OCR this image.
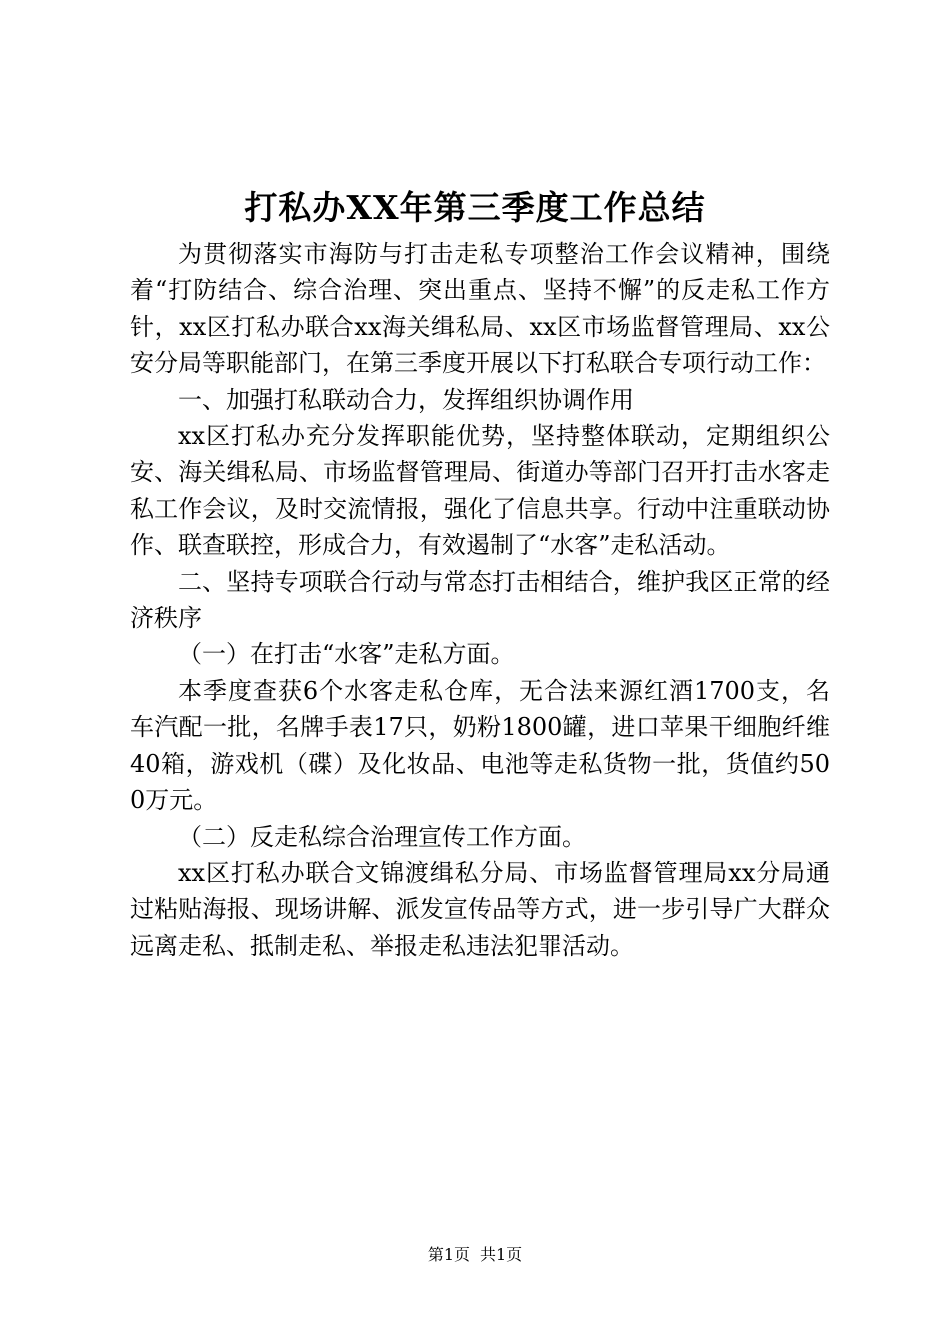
打私办XX年第三季度工作总结

为贯彻落实市海防与打击走私专项整治工作会议精神，围绕着“打防结合、综合治理、突出重点、坚持不懈”的反走私工作方针，xx区打私办联合xx海关缉私局、xx区市场监督管理局、xx公安分局等职能部门，在第三季度开展以下打私联合专项行动工作：

一、加强打私联动合力，发挥组织协调作用

xx区打私办充分发挥职能优势，坚持整体联动，定期组织公安、海关缉私局、市场监督管理局、街道办等部门召开打击水客走私工作会议，及时交流情报，强化了信息共享。行动中注重联动协作、联查联控，形成合力，有效遏制了“水客”走私活动。

二、坚持专项联合行动与常态打击相结合，维护我区正常的经济秩序

（一）在打击“水客”走私方面。

本季度查获6个水客走私仓库，无合法来源红酒1700支，名车汽配一批，名牌手表17只，奶粉1800罐，进口苹果干细胞纤维40箱，游戏机（碟）及化妆品、电池等走私货物一批，货值约500万元。

（二）反走私综合治理宣传工作方面。

xx区打私办联合文锦渡缉私分局、市场监督管理局xx分局通过粘贴海报、现场讲解、派发宣传品等方式，进一步引导广大群众远离走私、抵制走私、举报走私违法犯罪活动。

第1页 共1页
